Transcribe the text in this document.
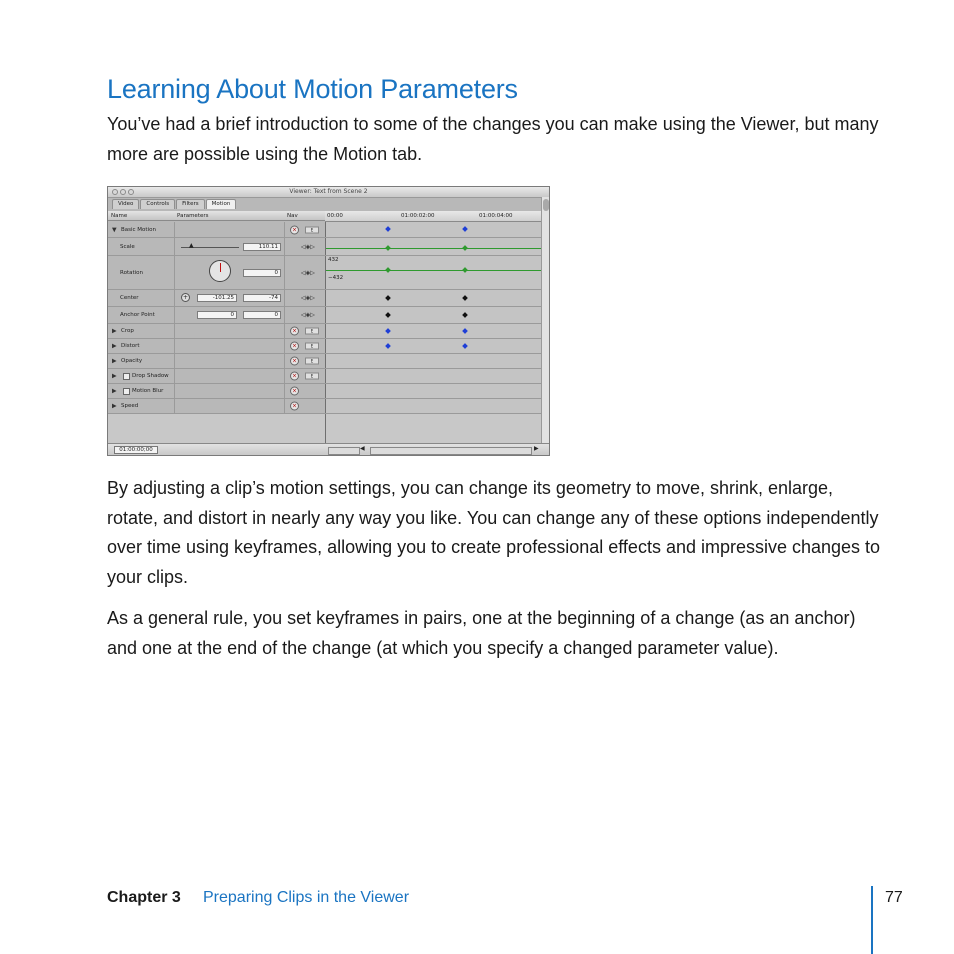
Learning About Motion Parameters

You’ve had a brief introduction to some of the changes you can make using the Viewer, but many more are possible using the Motion tab.

Viewer: Text from Scene 2
Video	Controls	Filters	Motion
Name	Parameters	Nav	00:00	01:00:02:00	01:00:04:00
▼ Basic Motion	×	E
Scale	▲	110.11	◁◈▷
Rotation	0	◁◈▷
432
−432
Center	+	-101.25	-74	◁◈▷
Anchor Point	0	0	◁◈▷
▶ Crop	×	E
▶ Distort	×	E
▶ Opacity	×	E
▶	Drop Shadow	×	E
▶	Motion Blur	×
▶ Speed	×
01:00:00;00	◀	▶

By adjusting a clip’s motion settings, you can change its geometry to move, shrink, enlarge, rotate, and distort in nearly any way you like. You can change any of these options independently over time using keyframes, allowing you to create professional effects and impressive changes to your clips.

As a general rule, you set keyframes in pairs, one at the beginning of a change (as an anchor) and one at the end of the change (at which you specify a changed parameter value).

Chapter 3 Preparing Clips in the Viewer	77
